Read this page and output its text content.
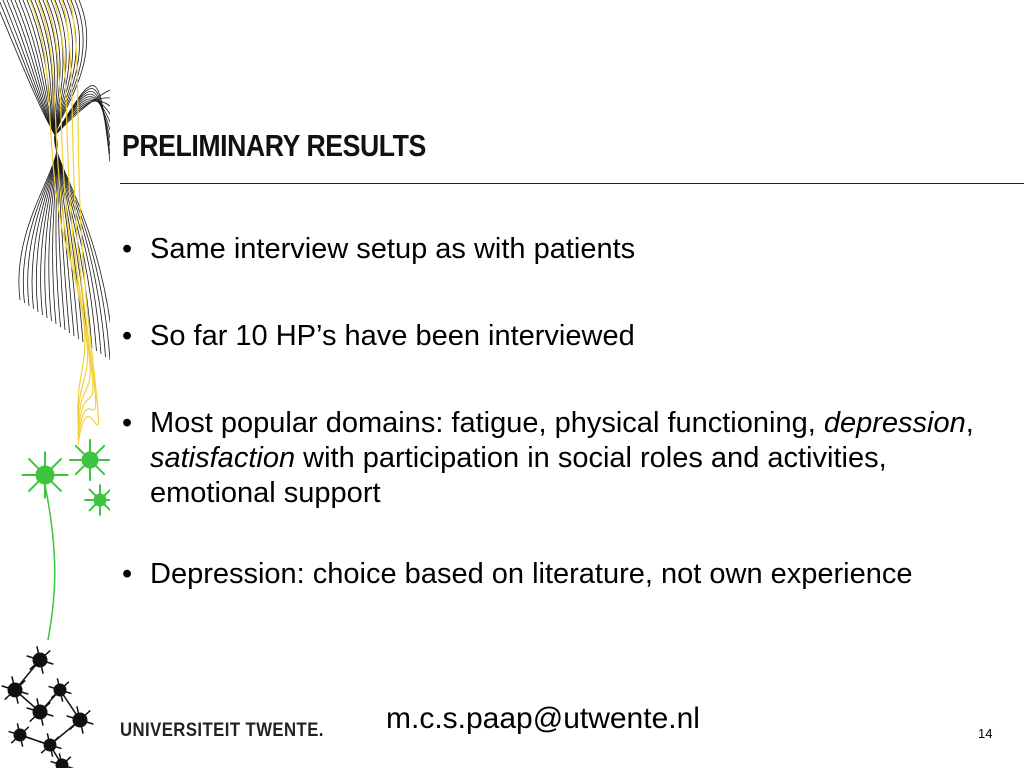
PRELIMINARY RESULTS
• Same interview setup as with patients
• So far 10 HP’s have been interviewed
• Most popular domains: fatigue, physical functioning, depression, satisfaction with participation in social roles and activities, emotional support
• Depression: choice based on literature, not own experience
m.c.s.paap@utwente.nl
UNIVERSITEIT TWENTE.	14
